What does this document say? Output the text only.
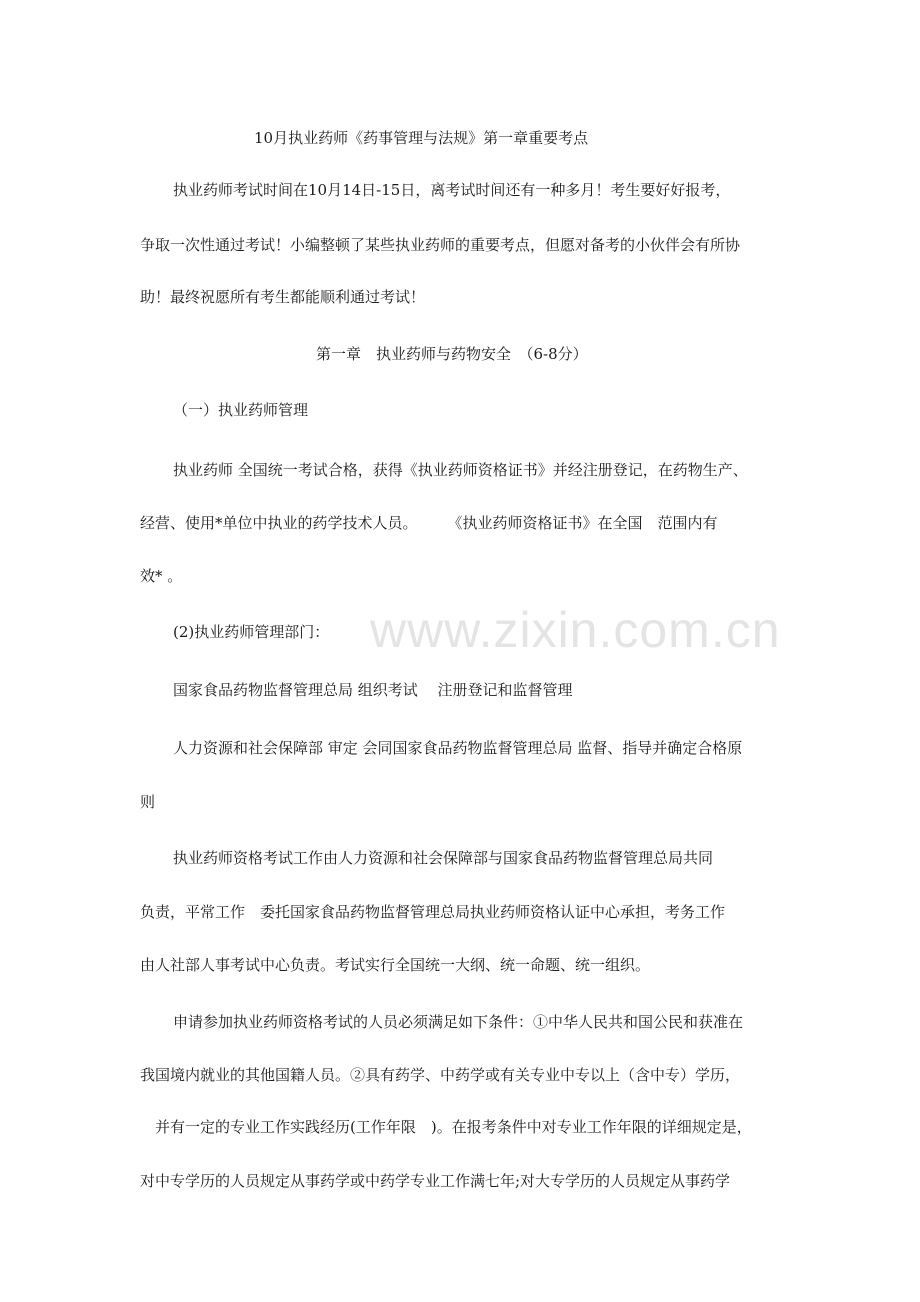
10月执业药师《药事管理与法规》第一章重要考点
执业药师考试时间在10月14日-15日，离考试时间还有一种多月！考生要好好报考，
争取一次性通过考试！小编整顿了某些执业药师的重要考点，但愿对备考的小伙伴会有所协
助！最终祝愿所有考生都能顺利通过考试！
第一章　执业药师与药物安全　（6-8分）
（一）执业药师管理
执业药师 全国统一考试合格，获得《执业药师资格证书》并经注册登记，在药物生产、
经营、使用*单位中执业的药学技术人员。　　　《执业药师资格证书》在全国　范围内有
效* 。
(2)执业药师管理部门：
国家食品药物监督管理总局 组织考试　 注册登记和监督管理
人力资源和社会保障部 审定 会同国家食品药物监督管理总局 监督、指导并确定合格原
则
执业药师资格考试工作由人力资源和社会保障部与国家食品药物监督管理总局共同
负责，平常工作　委托国家食品药物监督管理总局执业药师资格认证中心承担，考务工作
由人社部人事考试中心负责。考试实行全国统一大纲、统一命题、统一组织。
申请参加执业药师资格考试的人员必须满足如下条件：①中华人民共和国公民和获准在
我国境内就业的其他国籍人员。②具有药学、中药学或有关专业中专以上（含中专）学历，
并有一定的专业工作实践经历(工作年限　)。在报考条件中对专业工作年限的详细规定是，
对中专学历的人员规定从事药学或中药学专业工作满七年;对大专学历的人员规定从事药学
www.zixin.com.cn
